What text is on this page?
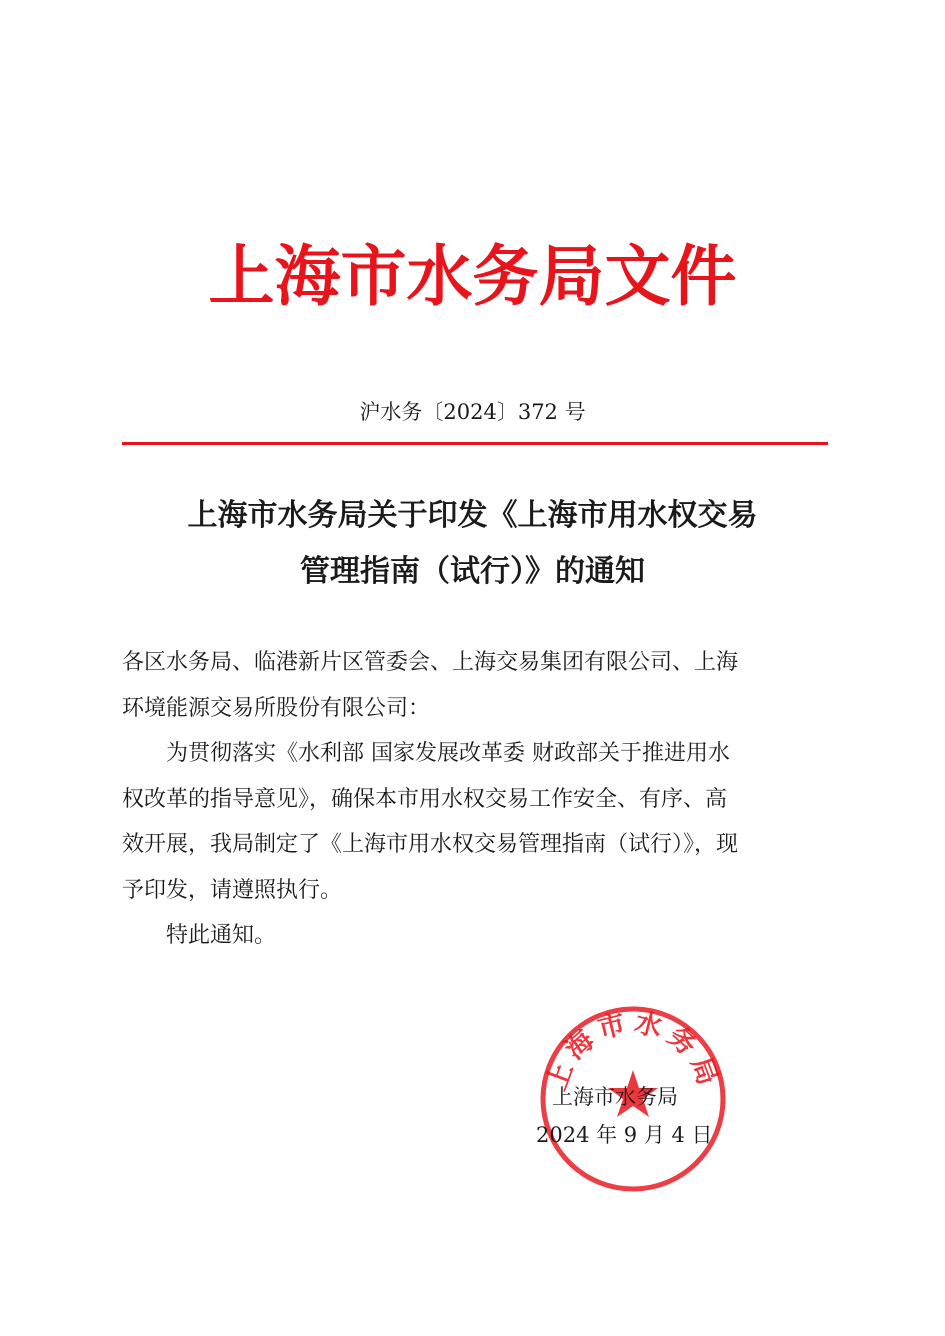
上海市水务局文件
沪水务〔2024〕372 号
上海市水务局关于印发《上海市用水权交易
管理指南（试行）》的通知

各区水务局、临港新片区管委会、上海交易集团有限公司、上海

环境能源交易所股份有限公司：

为贯彻落实《水利部 国家发展改革委 财政部关于推进用水

权改革的指导意见》，确保本市用水权交易工作安全、有序、高

效开展，我局制定了《上海市用水权交易管理指南（试行）》，现

予印发，请遵照执行。

特此通知。

上海市水务局
上海市水务局
2024 年 9 月 4 日
